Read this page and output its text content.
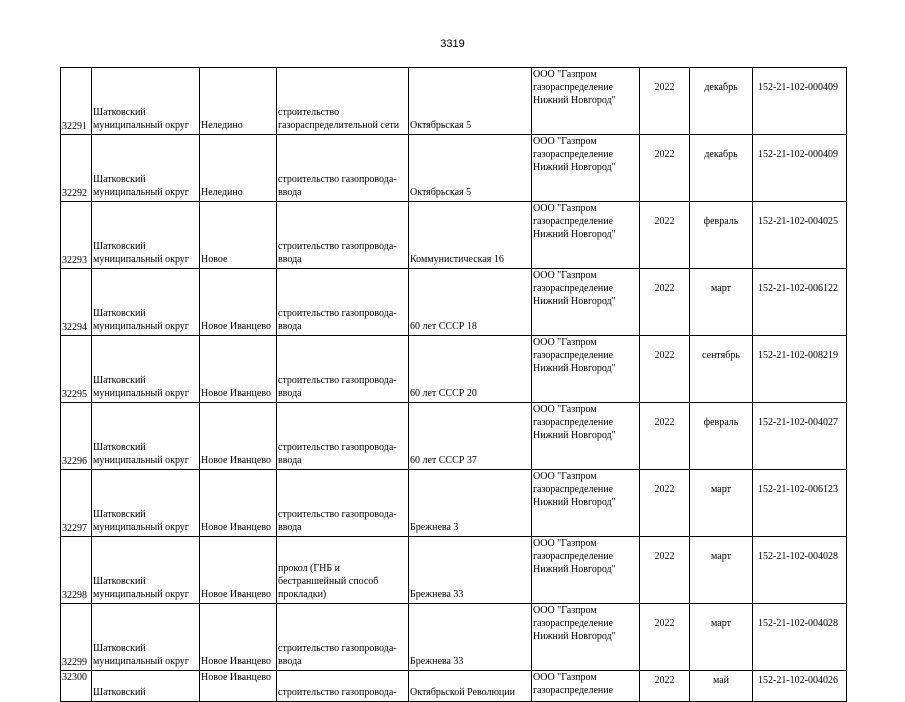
3319
32291	Шатковский
муниципальный округ	Неледино	строительство
газораспределительной сети	Октябрьская 5	ООО "Газпром
газораспределение
Нижний Новгород"	2022	декабрь	152-21-102-000409

32292	Шатковский
муниципальный округ	Неледино	строительство газопровода-
ввода	Октябрьская 5	ООО "Газпром
газораспределение
Нижний Новгород"	2022	декабрь	152-21-102-000409

32293	Шатковский
муниципальный округ	Новое	строительство газопровода-
ввода	Коммунистическая 16	ООО "Газпром
газораспределение
Нижний Новгород"	2022	февраль	152-21-102-004025

32294	Шатковский
муниципальный округ	Новое Иванцево	строительство газопровода-
ввода	60 лет СССР 18	ООО "Газпром
газораспределение
Нижний Новгород"	2022	март	152-21-102-006122

32295	Шатковский
муниципальный округ	Новое Иванцево	строительство газопровода-
ввода	60 лет СССР 20	ООО "Газпром
газораспределение
Нижний Новгород"	2022	сентябрь	152-21-102-008219

32296	Шатковский
муниципальный округ	Новое Иванцево	строительство газопровода-
ввода	60 лет СССР 37	ООО "Газпром
газораспределение
Нижний Новгород"	2022	февраль	152-21-102-004027

32297	Шатковский
муниципальный округ	Новое Иванцево	строительство газопровода-
ввода	Брежнева 3	ООО "Газпром
газораспределение
Нижний Новгород"	2022	март	152-21-102-006123

32298	Шатковский
муниципальный округ	Новое Иванцево	прокол (ГНБ и
бестраншейный способ
прокладки)	Брежнева 33	ООО "Газпром
газораспределение
Нижний Новгород"	2022	март	152-21-102-004028

32299	Шатковский
муниципальный округ	Новое Иванцево	строительство газопровода-
ввода	Брежнева 33	ООО "Газпром
газораспределение
Нижний Новгород"	2022	март	152-21-102-004028

32300	Шатковский	Новое Иванцево	строительство газопровода-	Октябрьской Революции	ООО "Газпром
газораспределение	2022	май	152-21-102-004026
